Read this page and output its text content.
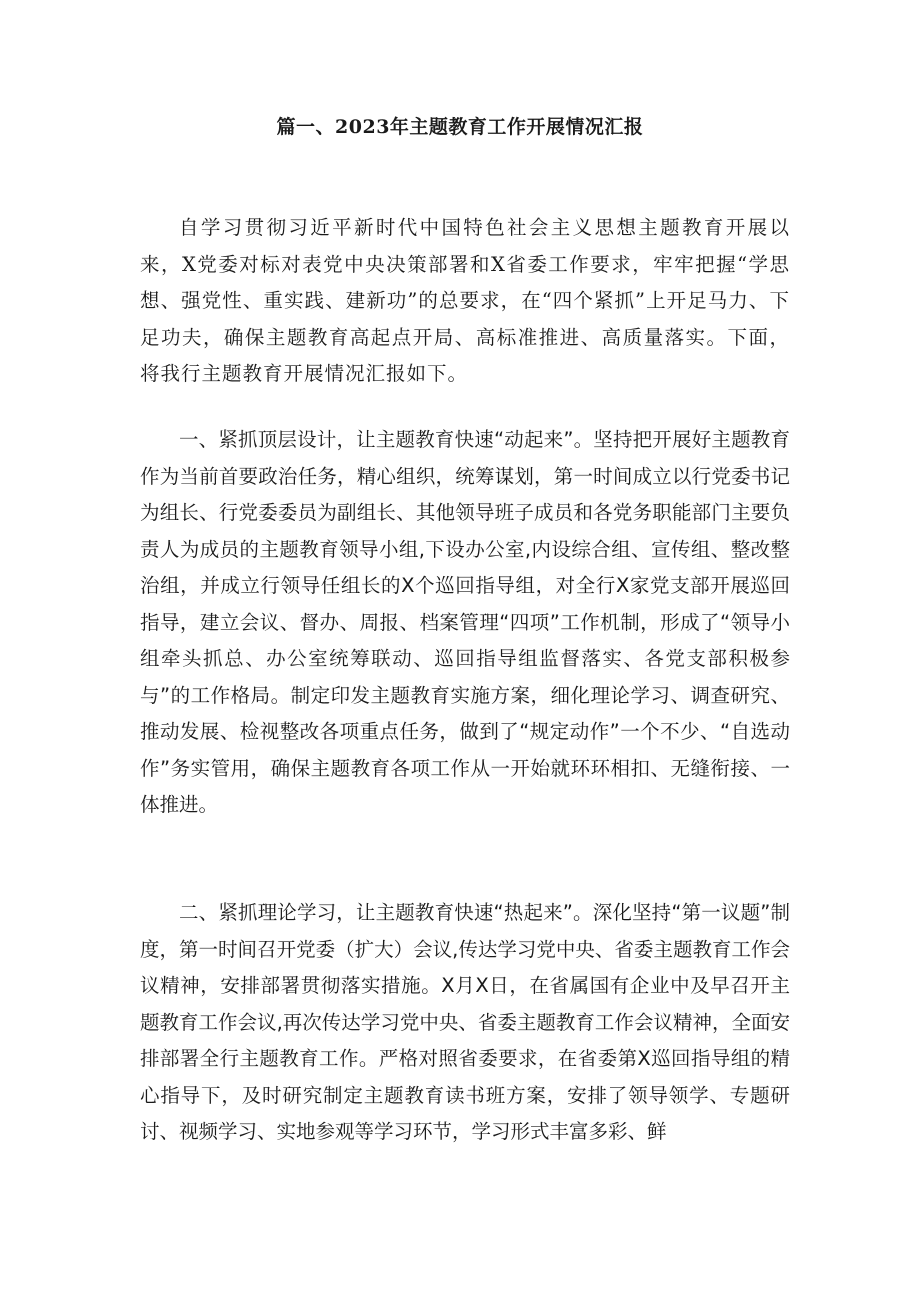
篇一、2023年主题教育工作开展情况汇报

自学习贯彻习近平新时代中国特色社会主义思想主题教育开展以来，X党委对标对表党中央决策部署和X省委工作要求，牢牢把握“学思想、强党性、重实践、建新功”的总要求，在“四个紧抓”上开足马力、下足功夫，确保主题教育高起点开局、高标准推进、高质量落实。下面，将我行主题教育开展情况汇报如下。

一、紧抓顶层设计，让主题教育快速“动起来”。坚持把开展好主题教育作为当前首要政治任务，精心组织，统筹谋划，第一时间成立以行党委书记为组长、行党委委员为副组长、其他领导班子成员和各党务职能部门主要负责人为成员的主题教育领导小组,下设办公室,内设综合组、宣传组、整改整治组，并成立行领导任组长的X个巡回指导组，对全行X家党支部开展巡回指导，建立会议、督办、周报、档案管理“四项”工作机制，形成了“领导小组牵头抓总、办公室统筹联动、巡回指导组监督落实、各党支部积极参与”的工作格局。制定印发主题教育实施方案，细化理论学习、调查研究、推动发展、检视整改各项重点任务，做到了“规定动作”一个不少、“自选动作”务实管用，确保主题教育各项工作从一开始就环环相扣、无缝衔接、一体推进。

二、紧抓理论学习，让主题教育快速“热起来”。深化坚持“第一议题”制度，第一时间召开党委（扩大）会议,传达学习党中央、省委主题教育工作会议精神，安排部署贯彻落实措施。X月X日，在省属国有企业中及早召开主题教育工作会议,再次传达学习党中央、省委主题教育工作会议精神，全面安排部署全行主题教育工作。严格对照省委要求，在省委第X巡回指导组的精心指导下，及时研究制定主题教育读书班方案，安排了领导领学、专题研讨、视频学习、实地参观等学习环节，学习形式丰富多彩、鲜
